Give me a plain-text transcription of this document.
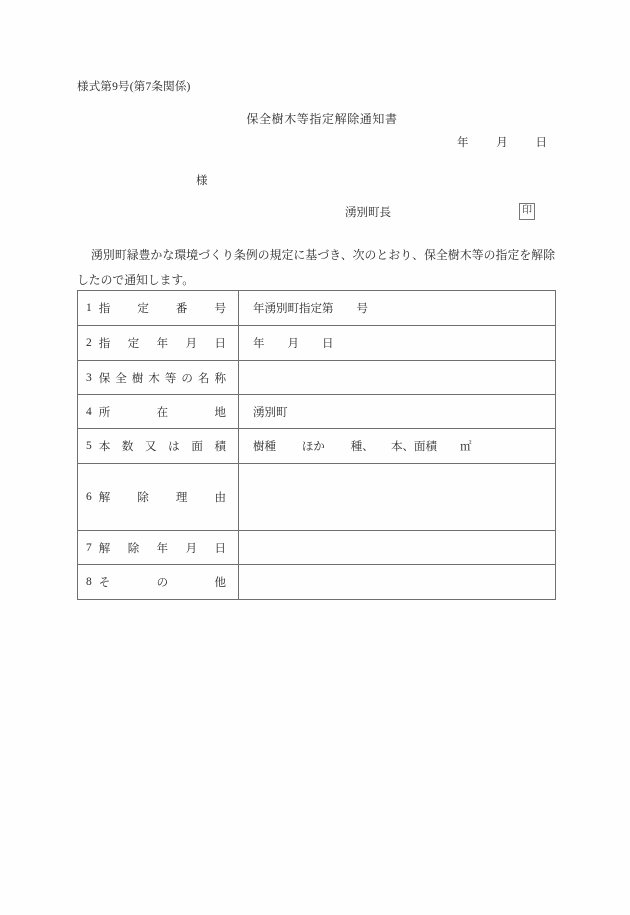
様式第9号(第7条関係)
保全樹木等指定解除通知書
年 月 日
様
湧別町長	印
湧別町緑豊かな環境づくり条例の規定に基づき、次のとおり、保全樹木等の指定を解除したので通知します。
1 指 定 番 号	年湧別町指定第        号

2 指 定 年 月 日	年        月        日

3 保 全 樹 木 等 の 名 称

4 所 在 地	湧別町

5 本 数 又 は 面 積	樹種         ほか         種、      本、面積        ㎡

6 解 除 理 由	

7 解 除 年 月 日

8 そ の 他	
